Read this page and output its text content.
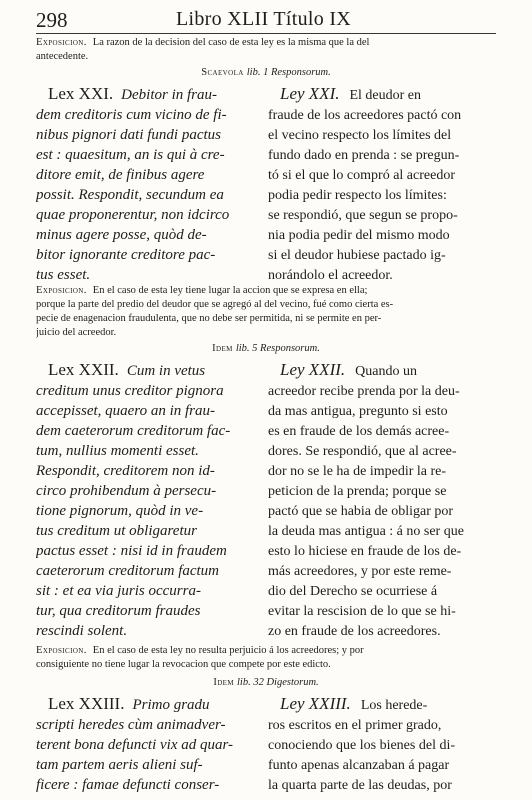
298	Libro XLII Título IX
Exposicion. La razon de la decision del caso de esta ley es la misma que la del
antecedente.
Scaevola lib. 1 Responsorum.
Lex XXI. Debitor in frau-
dem creditoris cum vicino de fi-
nibus pignori dati fundi pactus
est : quaesitum, an is qui à cre-
ditore emit, de finibus agere
possit. Respondit, secundum ea
quae proponerentur, non idcirco
minus agere posse, quòd de-
bitor ignorante creditore pac-
tus esset.
Ley XXI. El deudor en
fraude de los acreedores pactó con
el vecino respecto los límites del
fundo dado en prenda : se pregun-
tó si el que lo compró al acreedor
podia pedir respecto los límites:
se respondió, que segun se propo-
nia podia pedir del mismo modo
si el deudor hubiese pactado ig-
norándolo el acreedor.
Exposicion. En el caso de esta ley tiene lugar la accion que se expresa en ella;
porque la parte del predio del deudor que se agregó al del vecino, fué como cierta es-
pecie de enagenacion fraudulenta, que no debe ser permitida, ni se permite en per-
juicio del acreedor.
Idem lib. 5 Responsorum.
Lex XXII. Cum in vetus
creditum unus creditor pignora
accepisset, quaero an in frau-
dem caeterorum creditorum fac-
tum, nullius momenti esset.
Respondit, creditorem non id-
circo prohibendum à persecu-
tione pignorum, quòd in ve-
tus creditum ut obligaretur
pactus esset : nisi id in fraudem
caeterorum creditorum factum
sit : et ea via juris occurra-
tur, qua creditorum fraudes
rescindi solent.
Ley XXII. Quando un
acreedor recibe prenda por la deu-
da mas antigua, pregunto si esto
es en fraude de los demás acree-
dores. Se respondió, que al acree-
dor no se le ha de impedir la re-
peticion de la prenda; porque se
pactó que se habia de obligar por
la deuda mas antigua : á no ser que
esto lo hiciese en fraude de los de-
más acreedores, y por este reme-
dio del Derecho se ocurriese á
evitar la rescision de lo que se hi-
zo en fraude de los acreedores.
Exposicion. En el caso de esta ley no resulta perjuicio á los acreedores; y por
consiguiente no tiene lugar la revocacion que compete por este edicto.
Idem lib. 32 Digestorum.
Lex XXIII. Primo gradu
scripti heredes cùm animadver-
terent bona defuncti vix ad quar-
tam partem aeris alieni suf-
ficere : famae defuncti conser-
Ley XXIII. Los herede-
ros escritos en el primer grado,
conociendo que los bienes del di-
funto apenas alcanzaban á pagar
la quarta parte de las deudas, por
